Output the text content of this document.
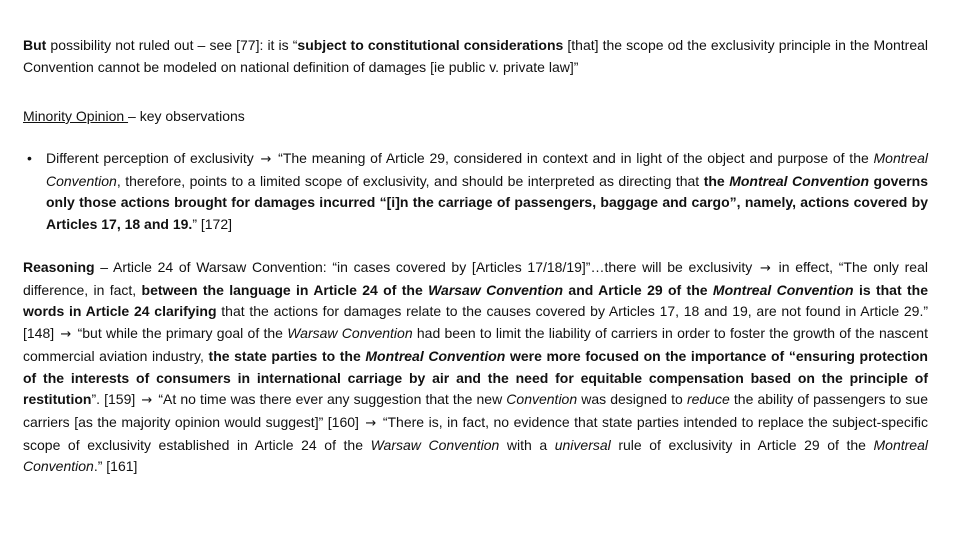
But possibility not ruled out – see [77]: it is “subject to constitutional considerations [that] the scope od the exclusivity principle in the Montreal Convention cannot be modeled on national definition of damages [ie public v. private law]”

Minority Opinion – key observations

•	Different perception of exclusivity → “The meaning of Article 29, considered in context and in light of the object and purpose of the Montreal Convention, therefore, points to a limited scope of exclusivity, and should be interpreted as directing that the Montreal Convention governs only those actions brought for damages incurred “[i]n the carriage of passengers, baggage and cargo”, namely, actions covered by Articles 17, 18 and 19.” [172]

Reasoning – Article 24 of Warsaw Convention: “in cases covered by [Articles 17/18/19]”…there will be exclusivity → in effect, “The only real difference, in fact, between the language in Article 24 of the Warsaw Convention and Article 29 of the Montreal Convention is that the words in Article 24 clarifying that the actions for damages relate to the causes covered by Articles 17, 18 and 19, are not found in Article 29.” [148] → “but while the primary goal of the Warsaw Convention had been to limit the liability of carriers in order to foster the growth of the nascent commercial aviation industry, the state parties to the Montreal Convention were more focused on the importance of “ensuring protection of the interests of consumers in international carriage by air and the need for equitable compensation based on the principle of restitution”. [159] → “At no time was there ever any suggestion that the new Convention was designed to reduce the ability of passengers to sue carriers [as the majority opinion would suggest]” [160] → “There is, in fact, no evidence that state parties intended to replace the subject-specific scope of exclusivity established in Article 24 of the Warsaw Convention with a universal rule of exclusivity in Article 29 of the Montreal Convention.” [161]
